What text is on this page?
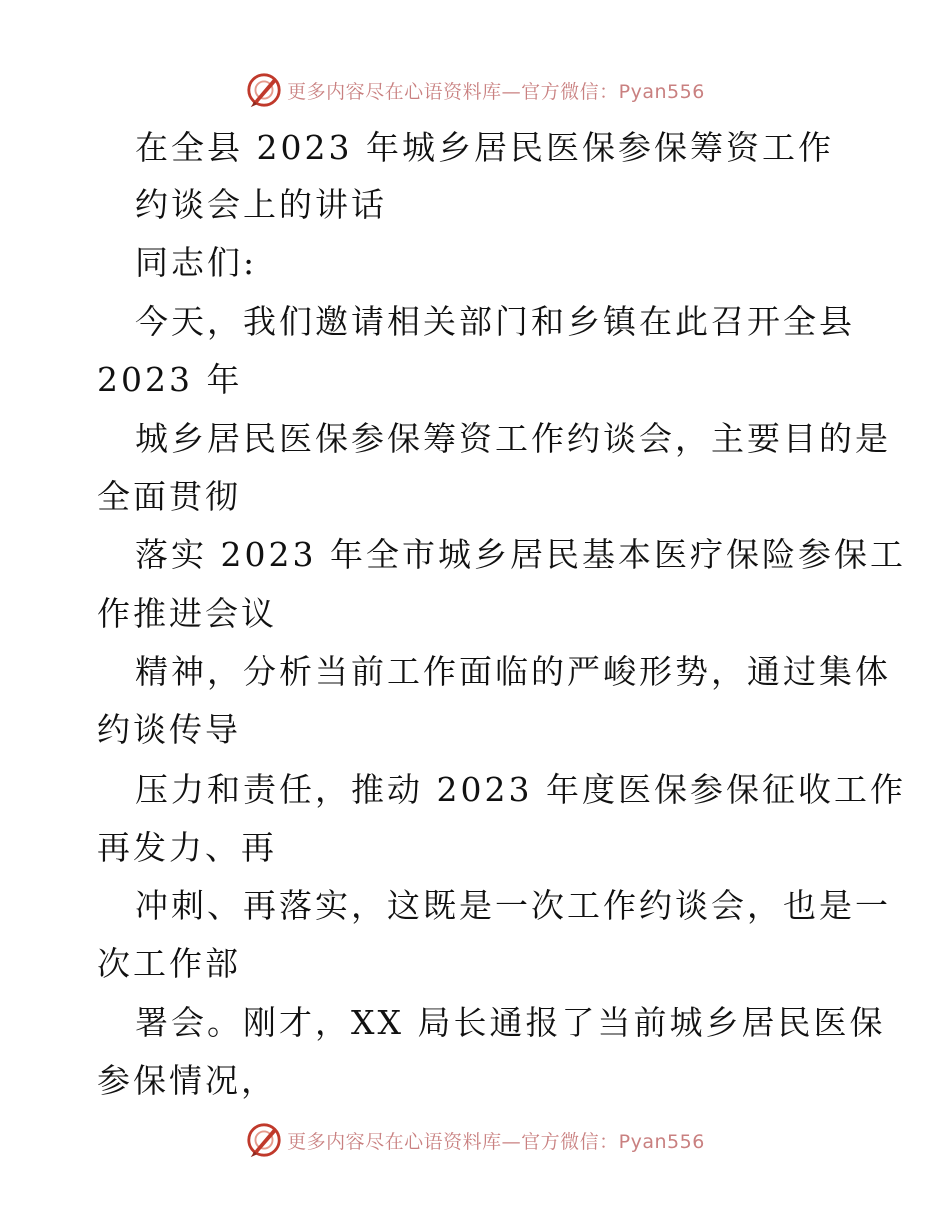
更多内容尽在心语资料库—官方微信：Pyan556
在全县 2023 年城乡居民医保参保筹资工作
约谈会上的讲话
同志们:
今天，我们邀请相关部门和乡镇在此召开全县
2023 年
城乡居民医保参保筹资工作约谈会，主要目的是
全面贯彻
落实 2023 年全市城乡居民基本医疗保险参保工
作推进会议
精神，分析当前工作面临的严峻形势，通过集体
约谈传导
压力和责任，推动 2023 年度医保参保征收工作
再发力、再
冲刺、再落实，这既是一次工作约谈会，也是一
次工作部
署会。刚才，XX 局长通报了当前城乡居民医保
参保情况，
更多内容尽在心语资料库—官方微信：Pyan556
